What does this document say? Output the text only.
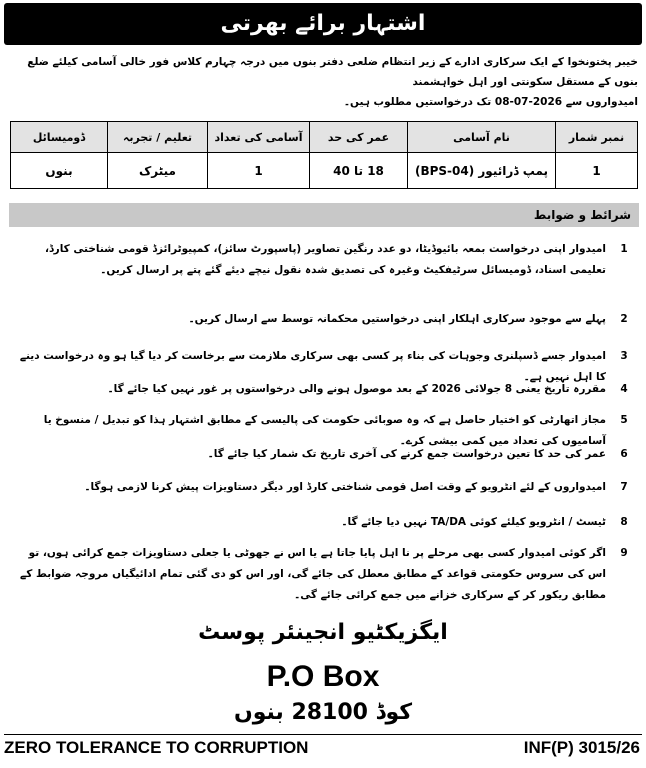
اشتہار برائے بھرتی
خیبر پختونخوا کے ایک سرکاری ادارے کے زیر انتظام ضلعی دفتر بنوں میں درجہ چہارم کلاس فور خالی آسامی کیلئے ضلع بنوں کے مستقل سکونتی اور اہل خواہشمند
امیدواروں سے 2026-07-08 تک درخواستیں مطلوب ہیں۔
نمبر شمار	نام آسامی	عمر کی حد	آسامی کی تعداد	تعلیم / تجربہ	ڈومیسائل
1	پمپ ڈرائیور (BPS-04)	18 تا 40	1	میٹرک	بنوں
شرائط و ضوابط
1
امیدوار اپنی درخواست بمعہ بائیوڈیٹا، دو عدد رنگین تصاویر (پاسپورٹ سائز)، کمپیوٹرائزڈ قومی شناختی کارڈ، تعلیمی اسناد، ڈومیسائل سرٹیفکیٹ وغیرہ کی تصدیق شدہ نقول نیچے دیئے گئے پتے پر ارسال کریں۔
2
پہلے سے موجود سرکاری اہلکار اپنی درخواستیں محکمانہ توسط سے ارسال کریں۔
3
امیدوار جسے ڈسپلنری وجوہات کی بناء پر کسی بھی سرکاری ملازمت سے برخاست کر دیا گیا ہو وہ درخواست دینے کا اہل نہیں ہے۔
4
مقررہ تاریخ یعنی 8 جولائی 2026 کے بعد موصول ہونے والی درخواستوں پر غور نہیں کیا جائے گا۔
5
مجاز اتھارٹی کو اختیار حاصل ہے کہ وہ صوبائی حکومت کی پالیسی کے مطابق اشتہار ہذا کو تبدیل / منسوخ یا آسامیوں کی تعداد میں کمی بیشی کرے۔
6
عمر کی حد کا تعین درخواست جمع کرنے کی آخری تاریخ تک شمار کیا جائے گا۔
7
امیدواروں کے لئے انٹرویو کے وقت اصل قومی شناختی کارڈ اور دیگر دستاویزات پیش کرنا لازمی ہوگا۔
8
ٹیسٹ / انٹرویو کیلئے کوئی TA/DA نہیں دیا جائے گا۔
9
اگر کوئی امیدوار کسی بھی مرحلے پر نا اہل پایا جاتا ہے یا اس نے جھوٹی یا جعلی دستاویزات جمع کرائی ہوں، تو اس کی سروس حکومتی قواعد کے مطابق معطل کی جائے گی، اور اس کو دی گئی تمام ادائیگیاں مروجہ ضوابط کے مطابق ریکور کر کے سرکاری خزانے میں جمع کرائی جائے گی۔
ایگزیکٹیو انجینئر پوسٹ
P.O Box
کوڈ 28100 بنوں
ZERO TOLERANCE TO CORRUPTION	INF(P) 3015/26
